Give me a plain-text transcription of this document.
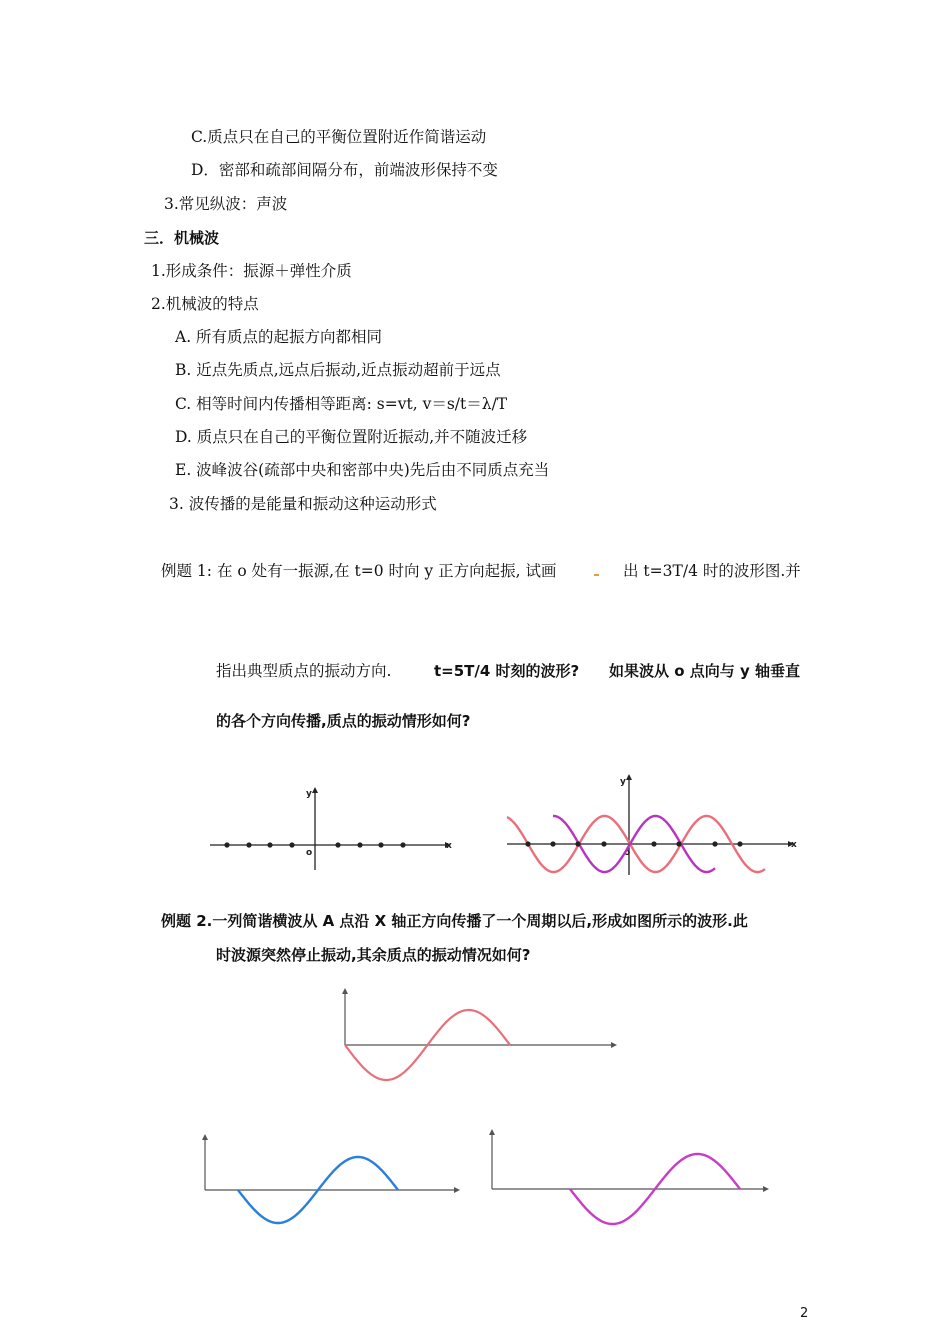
C.质点只在自己的平衡位置附近作简谐运动
D．密部和疏部间隔分布，前端波形保持不变
3.常见纵波：声波
三．机械波
1.形成条件：振源＋弹性介质
2.机械波的特点
A. 所有质点的起振方向都相同
B. 近点先质点,远点后振动,近点振动超前于远点
C. 相等时间内传播相等距离: s=vt, v＝s/t＝λ/T
D. 质点只在自己的平衡位置附近振动,并不随波迁移
E. 波峰波谷(疏部中央和密部中央)先后由不同质点充当
3. 波传播的是能量和振动这种运动形式
例题 1: 在 o 处有一振源,在 t=0 时向 y 正方向起振, 试画	出 t=3T/4 时的波形图.并
指出典型质点的振动方向.	t=5T/4 时刻的波形? 如果波从 o 点向与 y 轴垂直
的各个方向传播,质点的振动情形如何?
y
x
o
y
x
o
例题 2.一列简谐横波从 A 点沿 X 轴正方向传播了一个周期以后,形成如图所示的波形.此
时波源突然停止振动,其余质点的振动情况如何?
2
